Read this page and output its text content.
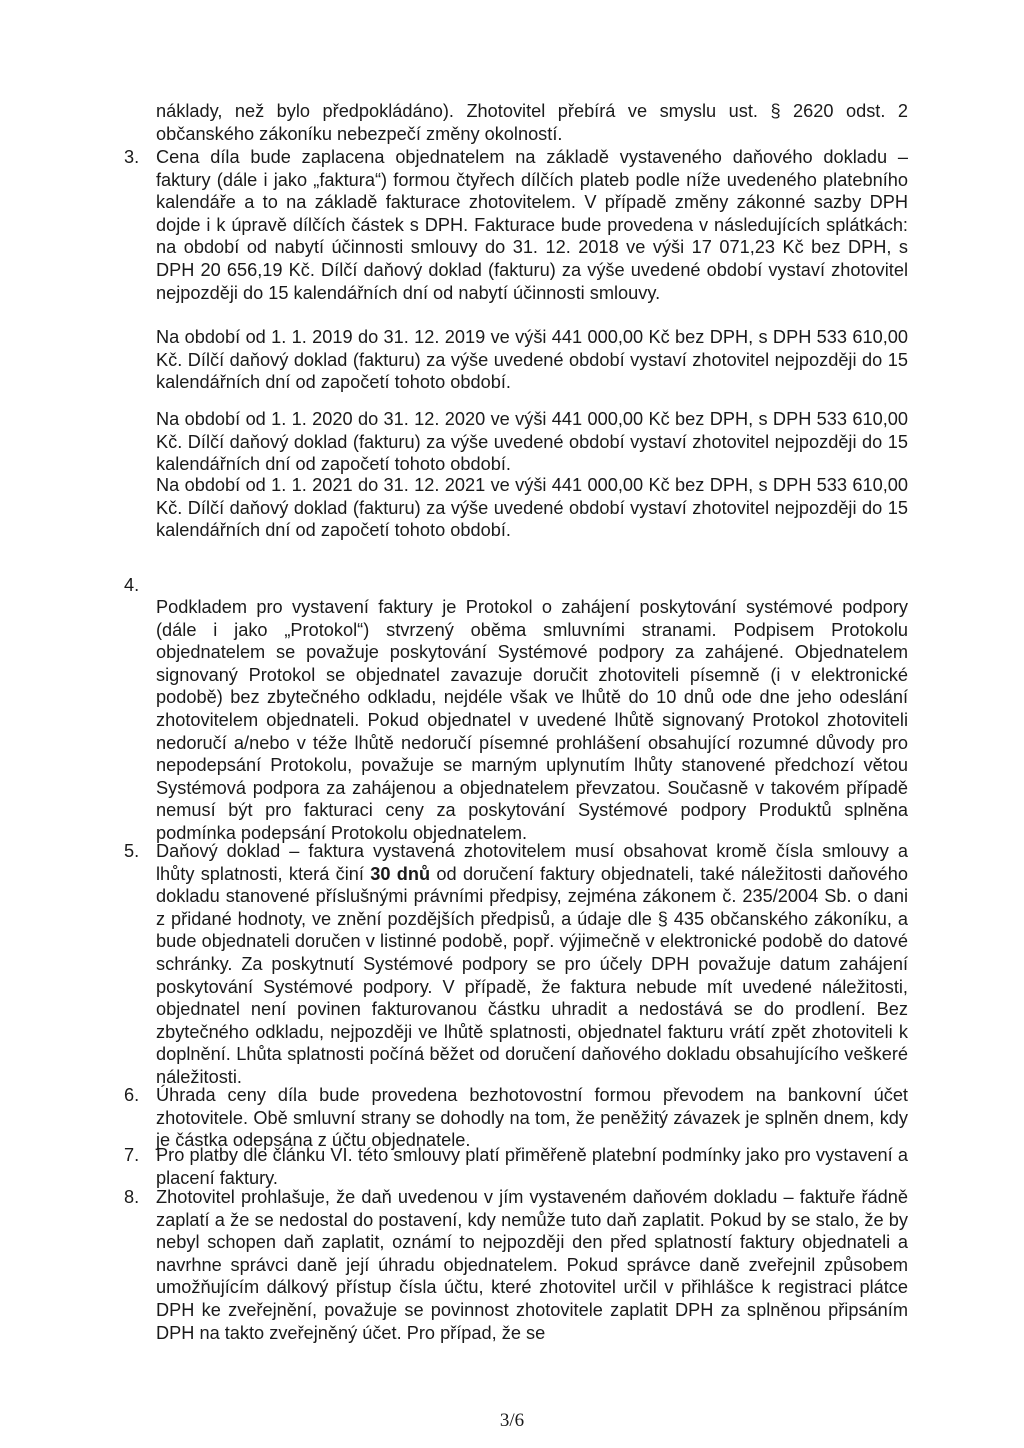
náklady, než bylo předpokládáno). Zhotovitel přebírá ve smyslu ust. § 2620 odst. 2 občanského zákoníku nebezpečí změny okolností.

3. Cena díla bude zaplacena objednatelem na základě vystaveného daňového dokladu – faktury (dále i jako „faktura“) formou čtyřech dílčích plateb podle níže uvedeného platebního kalendáře a to na základě fakturace zhotovitelem. V případě změny zákonné sazby DPH dojde i k úpravě dílčích částek s DPH. Fakturace bude provedena v následujících splátkách: na období od nabytí účinnosti smlouvy do 31. 12. 2018 ve výši 17 071,23 Kč bez DPH, s DPH 20 656,19 Kč. Dílčí daňový doklad (fakturu) za výše uvedené období vystaví zhotovitel nejpozději do 15 kalendářních dní od nabytí účinnosti smlouvy.

Na období od 1. 1. 2019 do 31. 12. 2019 ve výši 441 000,00 Kč bez DPH, s DPH 533 610,00 Kč. Dílčí daňový doklad (fakturu) za výše uvedené období vystaví zhotovitel nejpozději do 15 kalendářních dní od započetí tohoto období.

Na období od 1. 1. 2020 do 31. 12. 2020 ve výši 441 000,00 Kč bez DPH, s DPH 533 610,00 Kč. Dílčí daňový doklad (fakturu) za výše uvedené období vystaví zhotovitel nejpozději do 15 kalendářních dní od započetí tohoto období.

Na období od 1. 1. 2021 do 31. 12. 2021 ve výši 441 000,00 Kč bez DPH, s DPH 533 610,00 Kč. Dílčí daňový doklad (fakturu) za výše uvedené období vystaví zhotovitel nejpozději do 15 kalendářních dní od započetí tohoto období.

4.

Podkladem pro vystavení faktury je Protokol o zahájení poskytování systémové podpory (dále i jako „Protokol“) stvrzený oběma smluvními stranami. Podpisem Protokolu objednatelem se považuje poskytování Systémové podpory za zahájené. Objednatelem signovaný Protokol se objednatel zavazuje doručit zhotoviteli písemně (i v elektronické podobě) bez zbytečného odkladu, nejdéle však ve lhůtě do 10 dnů ode dne jeho odeslání zhotovitelem objednateli. Pokud objednatel v uvedené lhůtě signovaný Protokol zhotoviteli nedoručí a/nebo v téže lhůtě nedoručí písemné prohlášení obsahující rozumné důvody pro nepodepsání Protokolu, považuje se marným uplynutím lhůty stanovené předchozí větou Systémová podpora za zahájenou a objednatelem převzatou. Současně v takovém případě nemusí být pro fakturaci ceny za poskytování Systémové podpory Produktů splněna podmínka podepsání Protokolu objednatelem.

5. Daňový doklad – faktura vystavená zhotovitelem musí obsahovat kromě čísla smlouvy a lhůty splatnosti, která činí 30 dnů od doručení faktury objednateli, také náležitosti daňového dokladu stanovené příslušnými právními předpisy, zejména zákonem č. 235/2004 Sb. o dani z přidané hodnoty, ve znění pozdějších předpisů, a údaje dle § 435 občanského zákoníku, a bude objednateli doručen v listinné podobě, popř. výjimečně v elektronické podobě do datové schránky. Za poskytnutí Systémové podpory se pro účely DPH považuje datum zahájení poskytování Systémové podpory. V případě, že faktura nebude mít uvedené náležitosti, objednatel není povinen fakturovanou částku uhradit a nedostává se do prodlení. Bez zbytečného odkladu, nejpozději ve lhůtě splatnosti, objednatel fakturu vrátí zpět zhotoviteli k doplnění. Lhůta splatnosti počíná běžet od doručení daňového dokladu obsahujícího veškeré náležitosti.

6. Úhrada ceny díla bude provedena bezhotovostní formou převodem na bankovní účet zhotovitele. Obě smluvní strany se dohodly na tom, že peněžitý závazek je splněn dnem, kdy je částka odepsána z účtu objednatele.

7. Pro platby dle článku VI. této smlouvy platí přiměřeně platební podmínky jako pro vystavení a placení faktury.

8. Zhotovitel prohlašuje, že daň uvedenou v jím vystaveném daňovém dokladu – faktuře řádně zaplatí a že se nedostal do postavení, kdy nemůže tuto daň zaplatit. Pokud by se stalo, že by nebyl schopen daň zaplatit, oznámí to nejpozději den před splatností faktury objednateli a navrhne správci daně její úhradu objednatelem. Pokud správce daně zveřejnil způsobem umožňujícím dálkový přístup čísla účtu, které zhotovitel určil v přihlášce k registraci plátce DPH ke zveřejnění, považuje se povinnost zhotovitele zaplatit DPH za splněnou připsáním DPH na takto zveřejněný účet. Pro případ, že se

3/6
